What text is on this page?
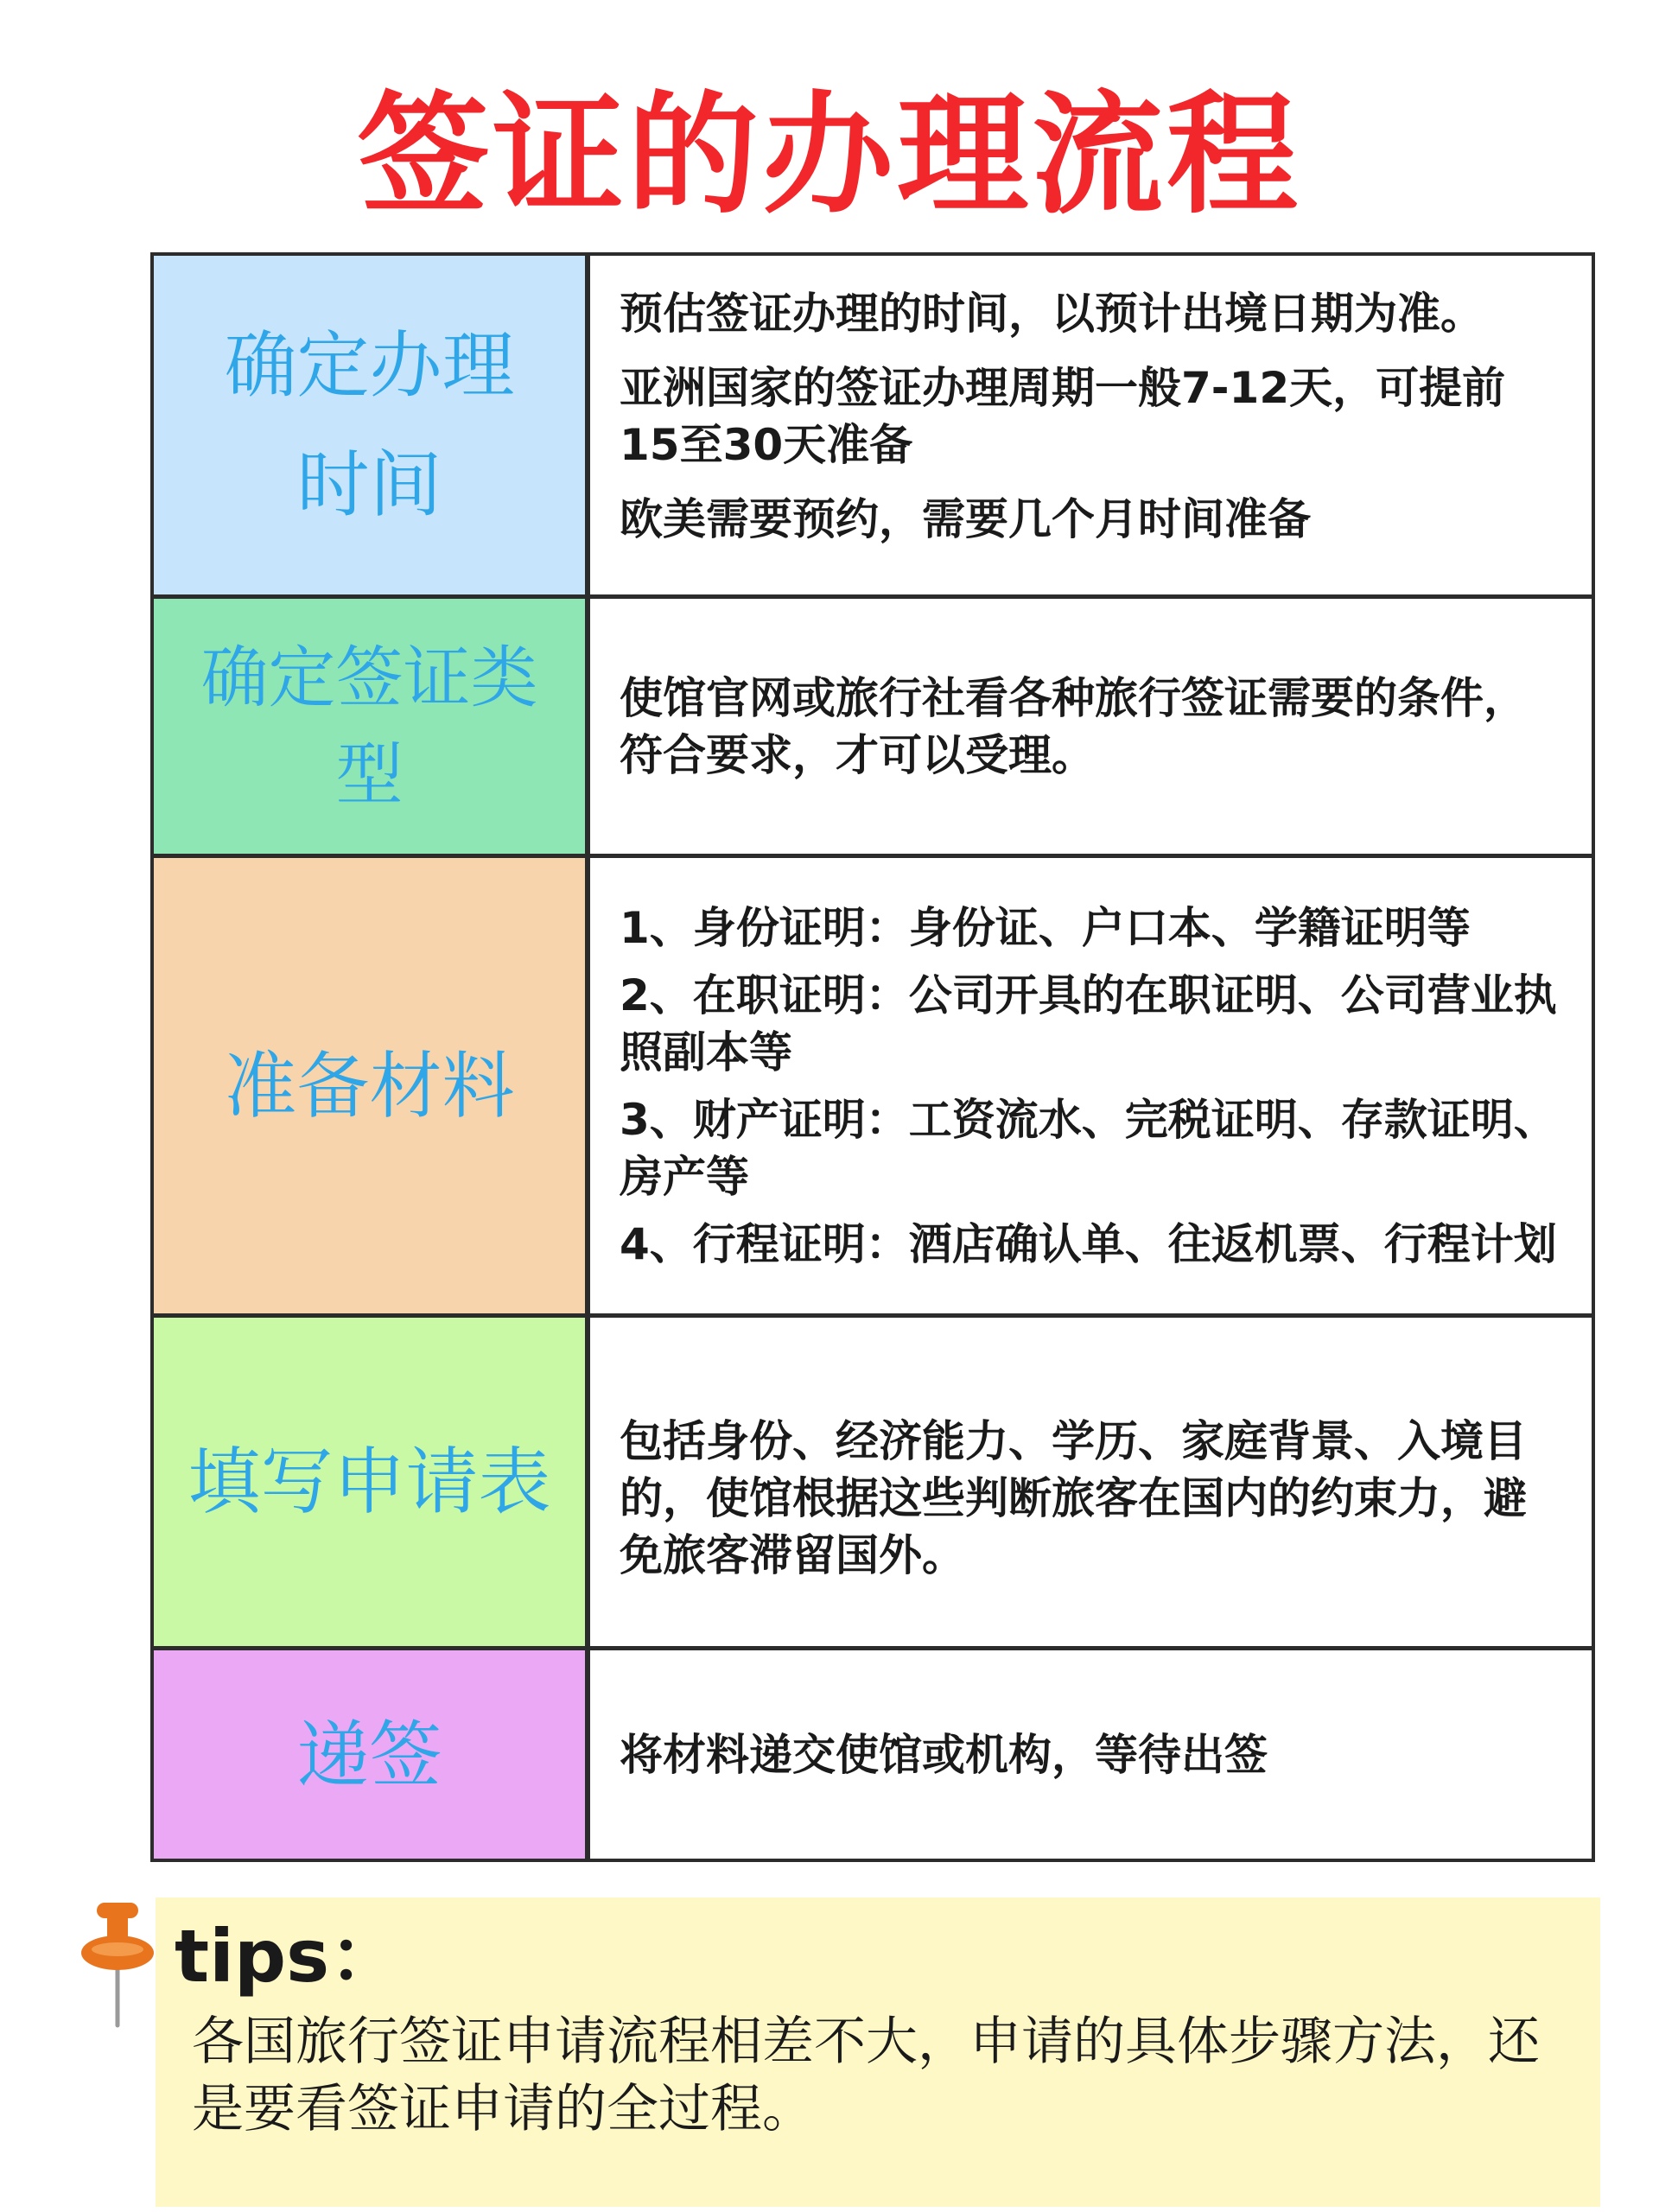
签证的办理流程
确定办理时间
预估签证办理的时间，以预计出境日期为准。
亚洲国家的签证办理周期一般7-12天，可提前15至30天准备
欧美需要预约，需要几个月时间准备
确定签证类型
使馆官网或旅行社看各种旅行签证需要的条件，符合要求，才可以受理。
准备材料
1、身份证明：身份证、户口本、学籍证明等
2、在职证明：公司开具的在职证明、公司营业执照副本等
3、财产证明：工资流水、完税证明、存款证明、房产等
4、行程证明：酒店确认单、往返机票、行程计划
填写申请表	包括身份、经济能力、学历、家庭背景、入境目的，使馆根据这些判断旅客在国内的约束力，避免旅客滞留国外。
递签	将材料递交使馆或机构，等待出签
tips：
各国旅行签证申请流程相差不大，申请的具体步骤方法，还是要看签证申请的全过程。
